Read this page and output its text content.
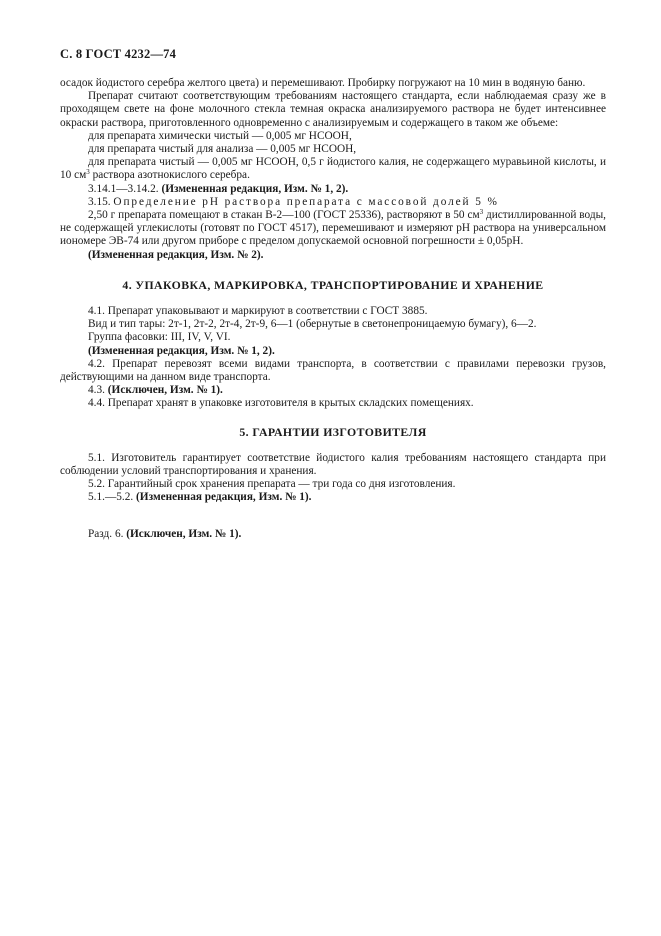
С. 8 ГОСТ 4232—74

осадок йодистого серебра желтого цвета) и перемешивают. Пробирку погружают на 10 мин в водяную баню.

Препарат считают соответствующим требованиям настоящего стандарта, если наблюдаемая сразу же в проходящем свете на фоне молочного стекла темная окраска анализируемого раствора не будет интенсивнее окраски раствора, приготовленного одновременно с анализируемым и содержащего в таком же объеме:

для препарата химически чистый — 0,005 мг НСООН,

для препарата чистый для анализа — 0,005 мг НСООН,

для препарата чистый — 0,005 мг НСООН, 0,5 г йодистого калия, не содержащего муравьиной кислоты, и 10 $см^3$ раствора азотнокислого серебра.

3.14.1—3.14.2. (Измененная редакция, Изм. № 1, 2).

3.15. Определение pH раствора препарата с массовой долей 5 %

2,50 г препарата помещают в стакан В-2—100 (ГОСТ 25336), растворяют в 50 $см^3$ дистиллированной воды, не содержащей углекислоты (готовят по ГОСТ 4517), перемешивают и измеряют pH раствора на универсальном иономере ЭВ-74 или другом приборе с пределом допускаемой основной погрешности ± 0,05pH.

(Измененная редакция, Изм. № 2).

4. УПАКОВКА, МАРКИРОВКА, ТРАНСПОРТИРОВАНИЕ И ХРАНЕНИЕ

4.1. Препарат упаковывают и маркируют в соответствии с ГОСТ 3885.

Вид и тип тары: 2т-1, 2т-2, 2т-4, 2т-9, 6—1 (обернутые в светонепроницаемую бумагу), 6—2.

Группа фасовки: III, IV, V, VI.

(Измененная редакция, Изм. № 1, 2).

4.2. Препарат перевозят всеми видами транспорта, в соответствии с правилами перевозки грузов, действующими на данном виде транспорта.

4.3. (Исключен, Изм. № 1).

4.4. Препарат хранят в упаковке изготовителя в крытых складских помещениях.

5. ГАРАНТИИ ИЗГОТОВИТЕЛЯ

5.1. Изготовитель гарантирует соответствие йодистого калия требованиям настоящего стандарта при соблюдении условий транспортирования и хранения.

5.2. Гарантийный срок хранения препарата — три года со дня изготовления.

5.1.—5.2. (Измененная редакция, Изм. № 1).

Разд. 6. (Исключен, Изм. № 1).
